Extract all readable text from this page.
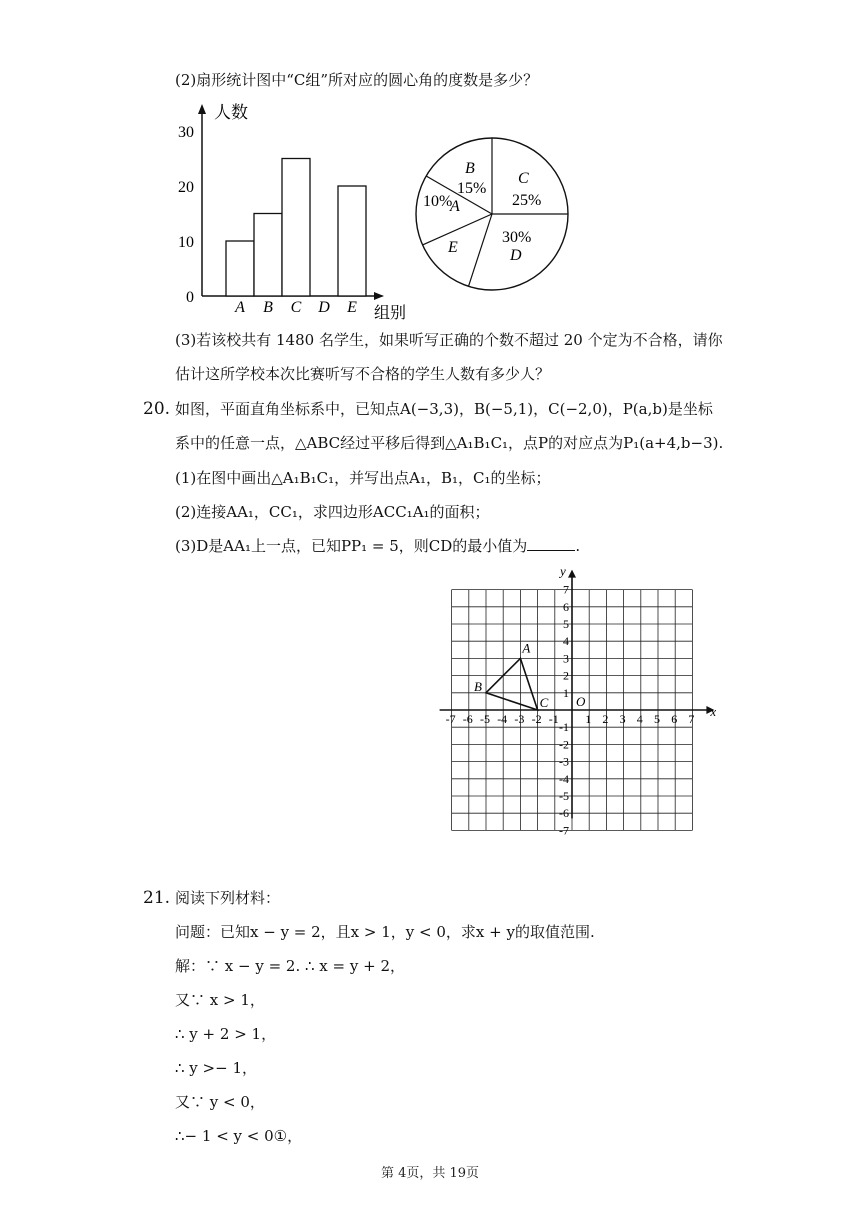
(2)扇形统计图中“C组”所对应的圆心角的度数是多少？
人数
组别
0
10
20
30
A B C D E
A
10%
B
15%
C
25%
D
30%
E
(3)若该校共有 1480 名学生，如果听写正确的个数不超过 20 个定为不合格，请你
估计这所学校本次比赛听写不合格的学生人数有多少人？
20. 如图，平面直角坐标系中，已知点A(−3,3)，B(−5,1)，C(−2,0)，P(a,b)是坐标
系中的任意一点，△ABC经过平移后得到△A₁B₁C₁，点P的对应点为P₁(a+4,b−3).
(1)在图中画出△A₁B₁C₁，并写出点A₁，B₁，C₁的坐标；
(2)连接AA₁，CC₁，求四边形ACC₁A₁的面积；
(3)D是AA₁上一点，已知PP₁ = 5，则CD的最小值为	.
x
y
O
-7 -6 -5 -4 -3 -2 -1 1 2 3 4 5 6 7
7
6
5
4
3
2
1
-1
-2
-3
-4
-5
-6
-7
A
B
C
21. 阅读下列材料：
问题：已知x − y = 2，且x > 1，y < 0，求x + y的取值范围.
解：∵ x − y = 2. ∴ x = y + 2，
又∵ x > 1，
∴ y + 2 > 1，
∴ y >− 1，
又∵ y < 0，
∴− 1 < y < 0①，
第 4页，共 19页
